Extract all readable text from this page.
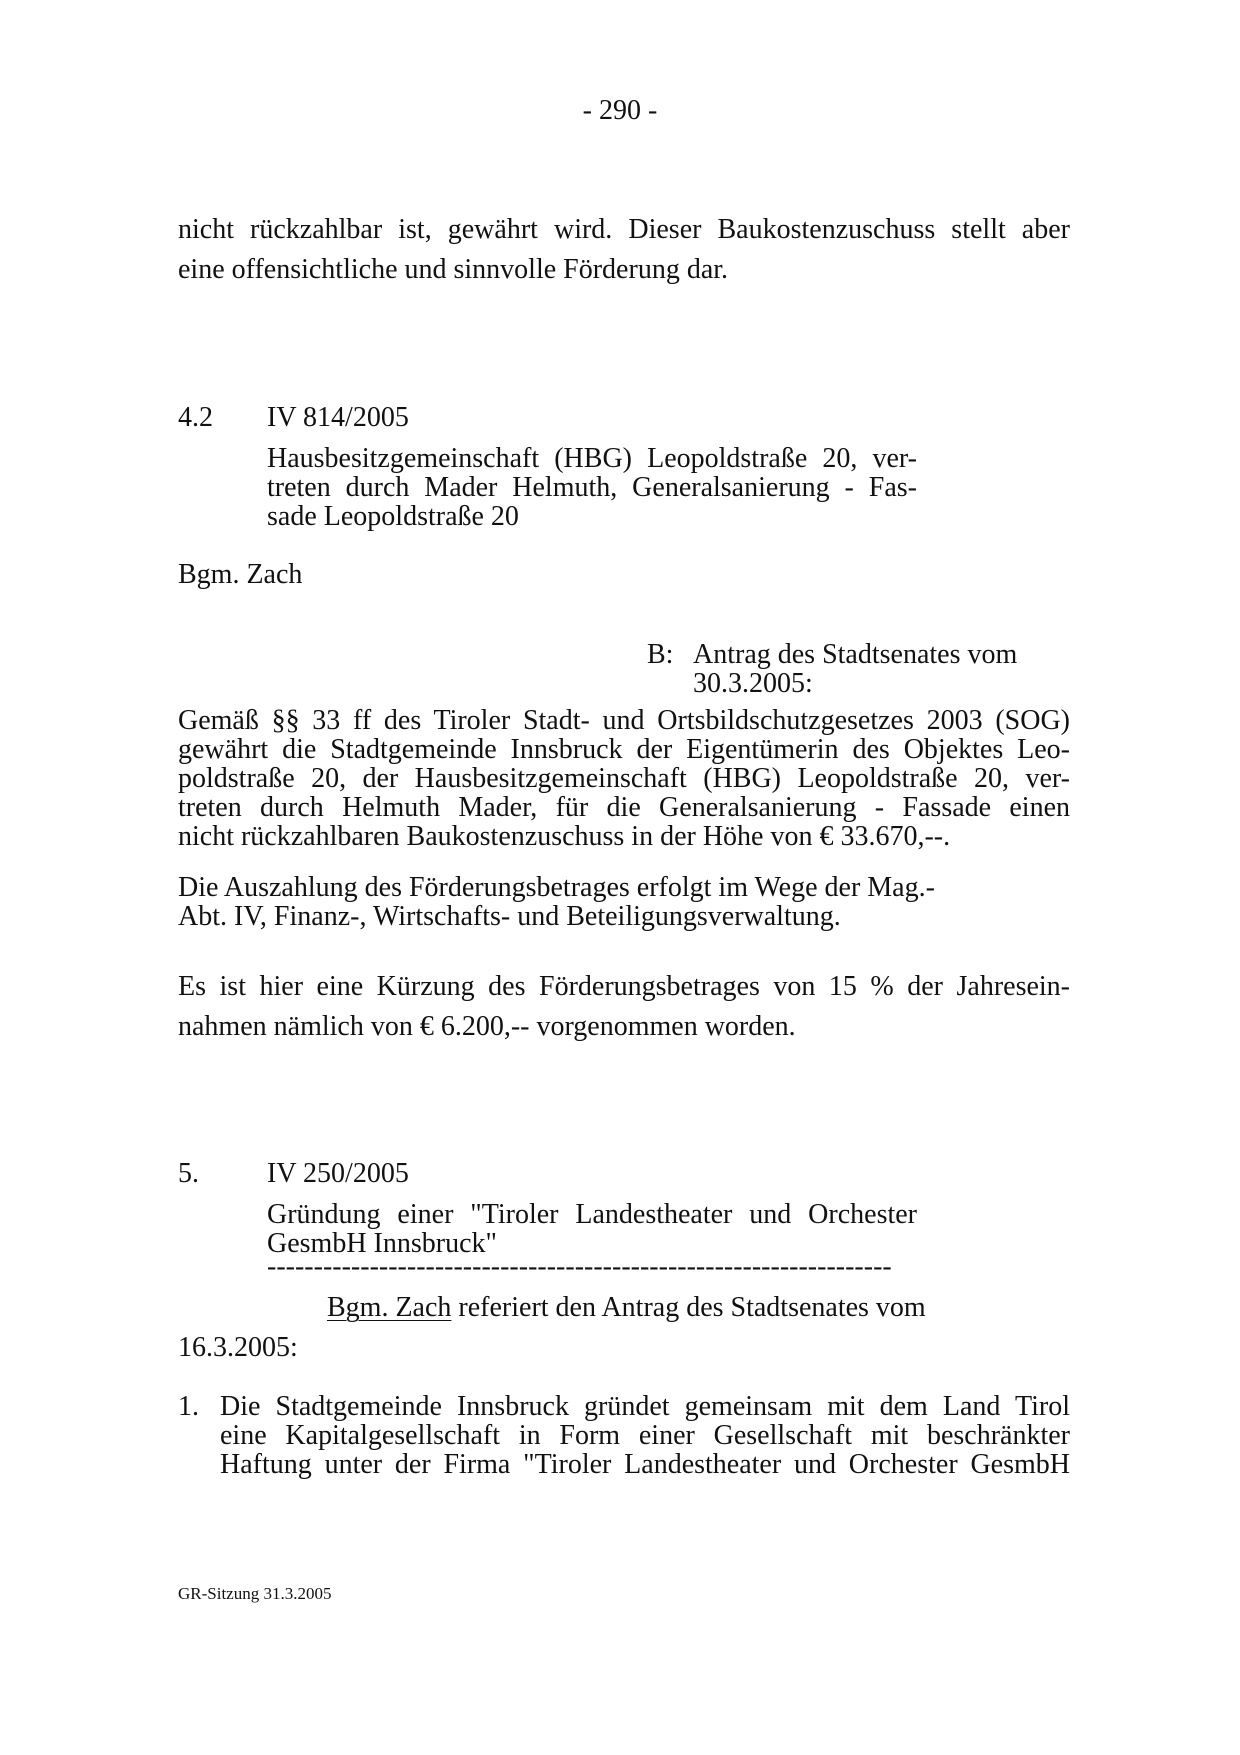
- 290 -
nicht rückzahlbar ist, gewährt wird. Dieser Baukostenzuschuss stellt aber
eine offensichtliche und sinnvolle Förderung dar.
4.2 IV 814/2005
Hausbesitzgemeinschaft (HBG) Leopoldstraße 20, ver-
treten durch Mader Helmuth, Generalsanierung - Fas-
sade Leopoldstraße 20
Bgm. Zach
B: Antrag des Stadtsenates vom
30.3.2005:
Gemäß §§ 33 ff des Tiroler Stadt- und Ortsbildschutzgesetzes 2003 (SOG)
gewährt die Stadtgemeinde Innsbruck der Eigentümerin des Objektes Leo-
poldstraße 20, der Hausbesitzgemeinschaft (HBG) Leopoldstraße 20, ver-
treten durch Helmuth Mader, für die Generalsanierung - Fassade einen
nicht rückzahlbaren Baukostenzuschuss in der Höhe von € 33.670,--.
Die Auszahlung des Förderungsbetrages erfolgt im Wege der Mag.-
Abt. IV, Finanz-, Wirtschafts- und Beteiligungsverwaltung.
Es ist hier eine Kürzung des Förderungsbetrages von 15 % der Jahresein-
nahmen nämlich von € 6.200,-- vorgenommen worden.
5. IV 250/2005
Gründung einer "Tiroler Landestheater und Orchester
GesmbH Innsbruck"
-------------------------------------------------------------------
Bgm. Zach referiert den Antrag des Stadtsenates vom
16.3.2005:
1. Die Stadtgemeinde Innsbruck gründet gemeinsam mit dem Land Tirol
eine Kapitalgesellschaft in Form einer Gesellschaft mit beschränkter
Haftung unter der Firma "Tiroler Landestheater und Orchester GesmbH
GR-Sitzung 31.3.2005
